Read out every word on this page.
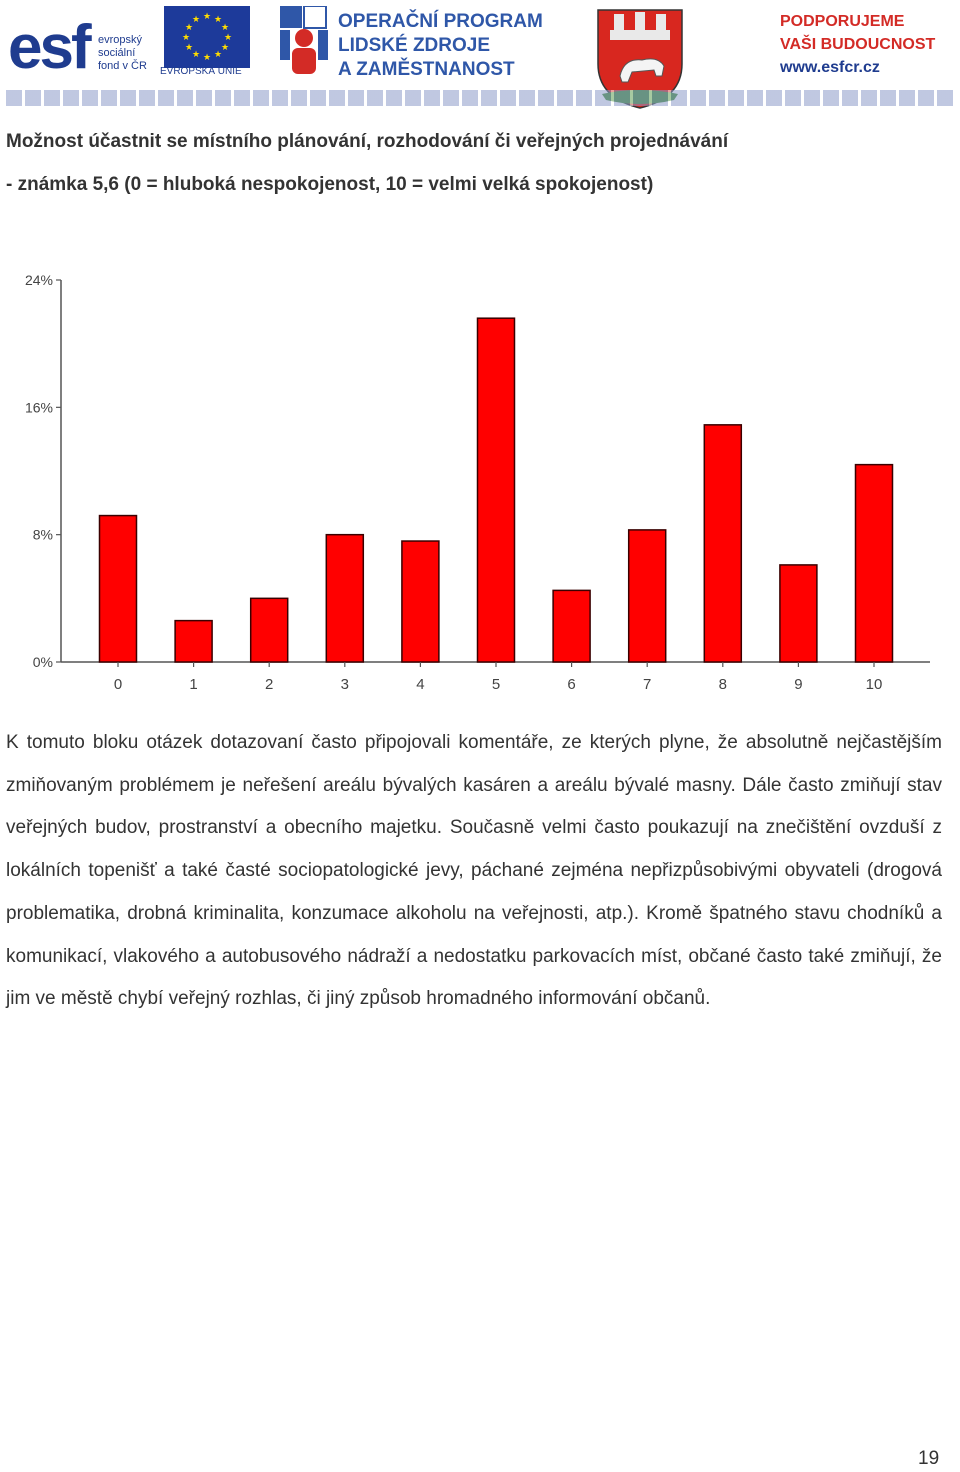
esf evropský
sociální
fond v ČR
★ ★
★
★
★
★
★
★
★
★
★
★
EVROPSKÁ UNIE
OPERAČNÍ PROGRAM
LIDSKÉ ZDROJE
A ZAMĚSTNANOST
PODPORUJEME
VAŠI BUDOUCNOST
www.esfcr.cz
Možnost účastnit se místního plánování, rozhodování či veřejných projednávání
- známka 5,6 (0 = hluboká nespokojenost, 10 = velmi velká spokojenost)
0%
8%
16%
24%
0	1	2	3	4	5	6	7	8	9	10
K tomuto bloku otázek dotazovaní často připojovali komentáře, ze kterých plyne, že absolutně nejčastějším zmiňovaným problémem je neřešení areálu bývalých kasáren a areálu bývalé masny. Dále často zmiňují stav veřejných budov, prostranství a obecního majetku. Současně velmi často poukazují na znečištění ovzduší z lokálních topenišť a také časté sociopatologické jevy, páchané zejména nepřizpůsobivými obyvateli (drogová problematika, drobná kriminalita, konzumace alkoholu na veřejnosti, atp.). Kromě špatného stavu chodníků a komunikací, vlakového a autobusového nádraží a nedostatku parkovacích míst, občané často také zmiňují, že jim ve městě chybí veřejný rozhlas, či jiný způsob hromadného informování občanů.
19
